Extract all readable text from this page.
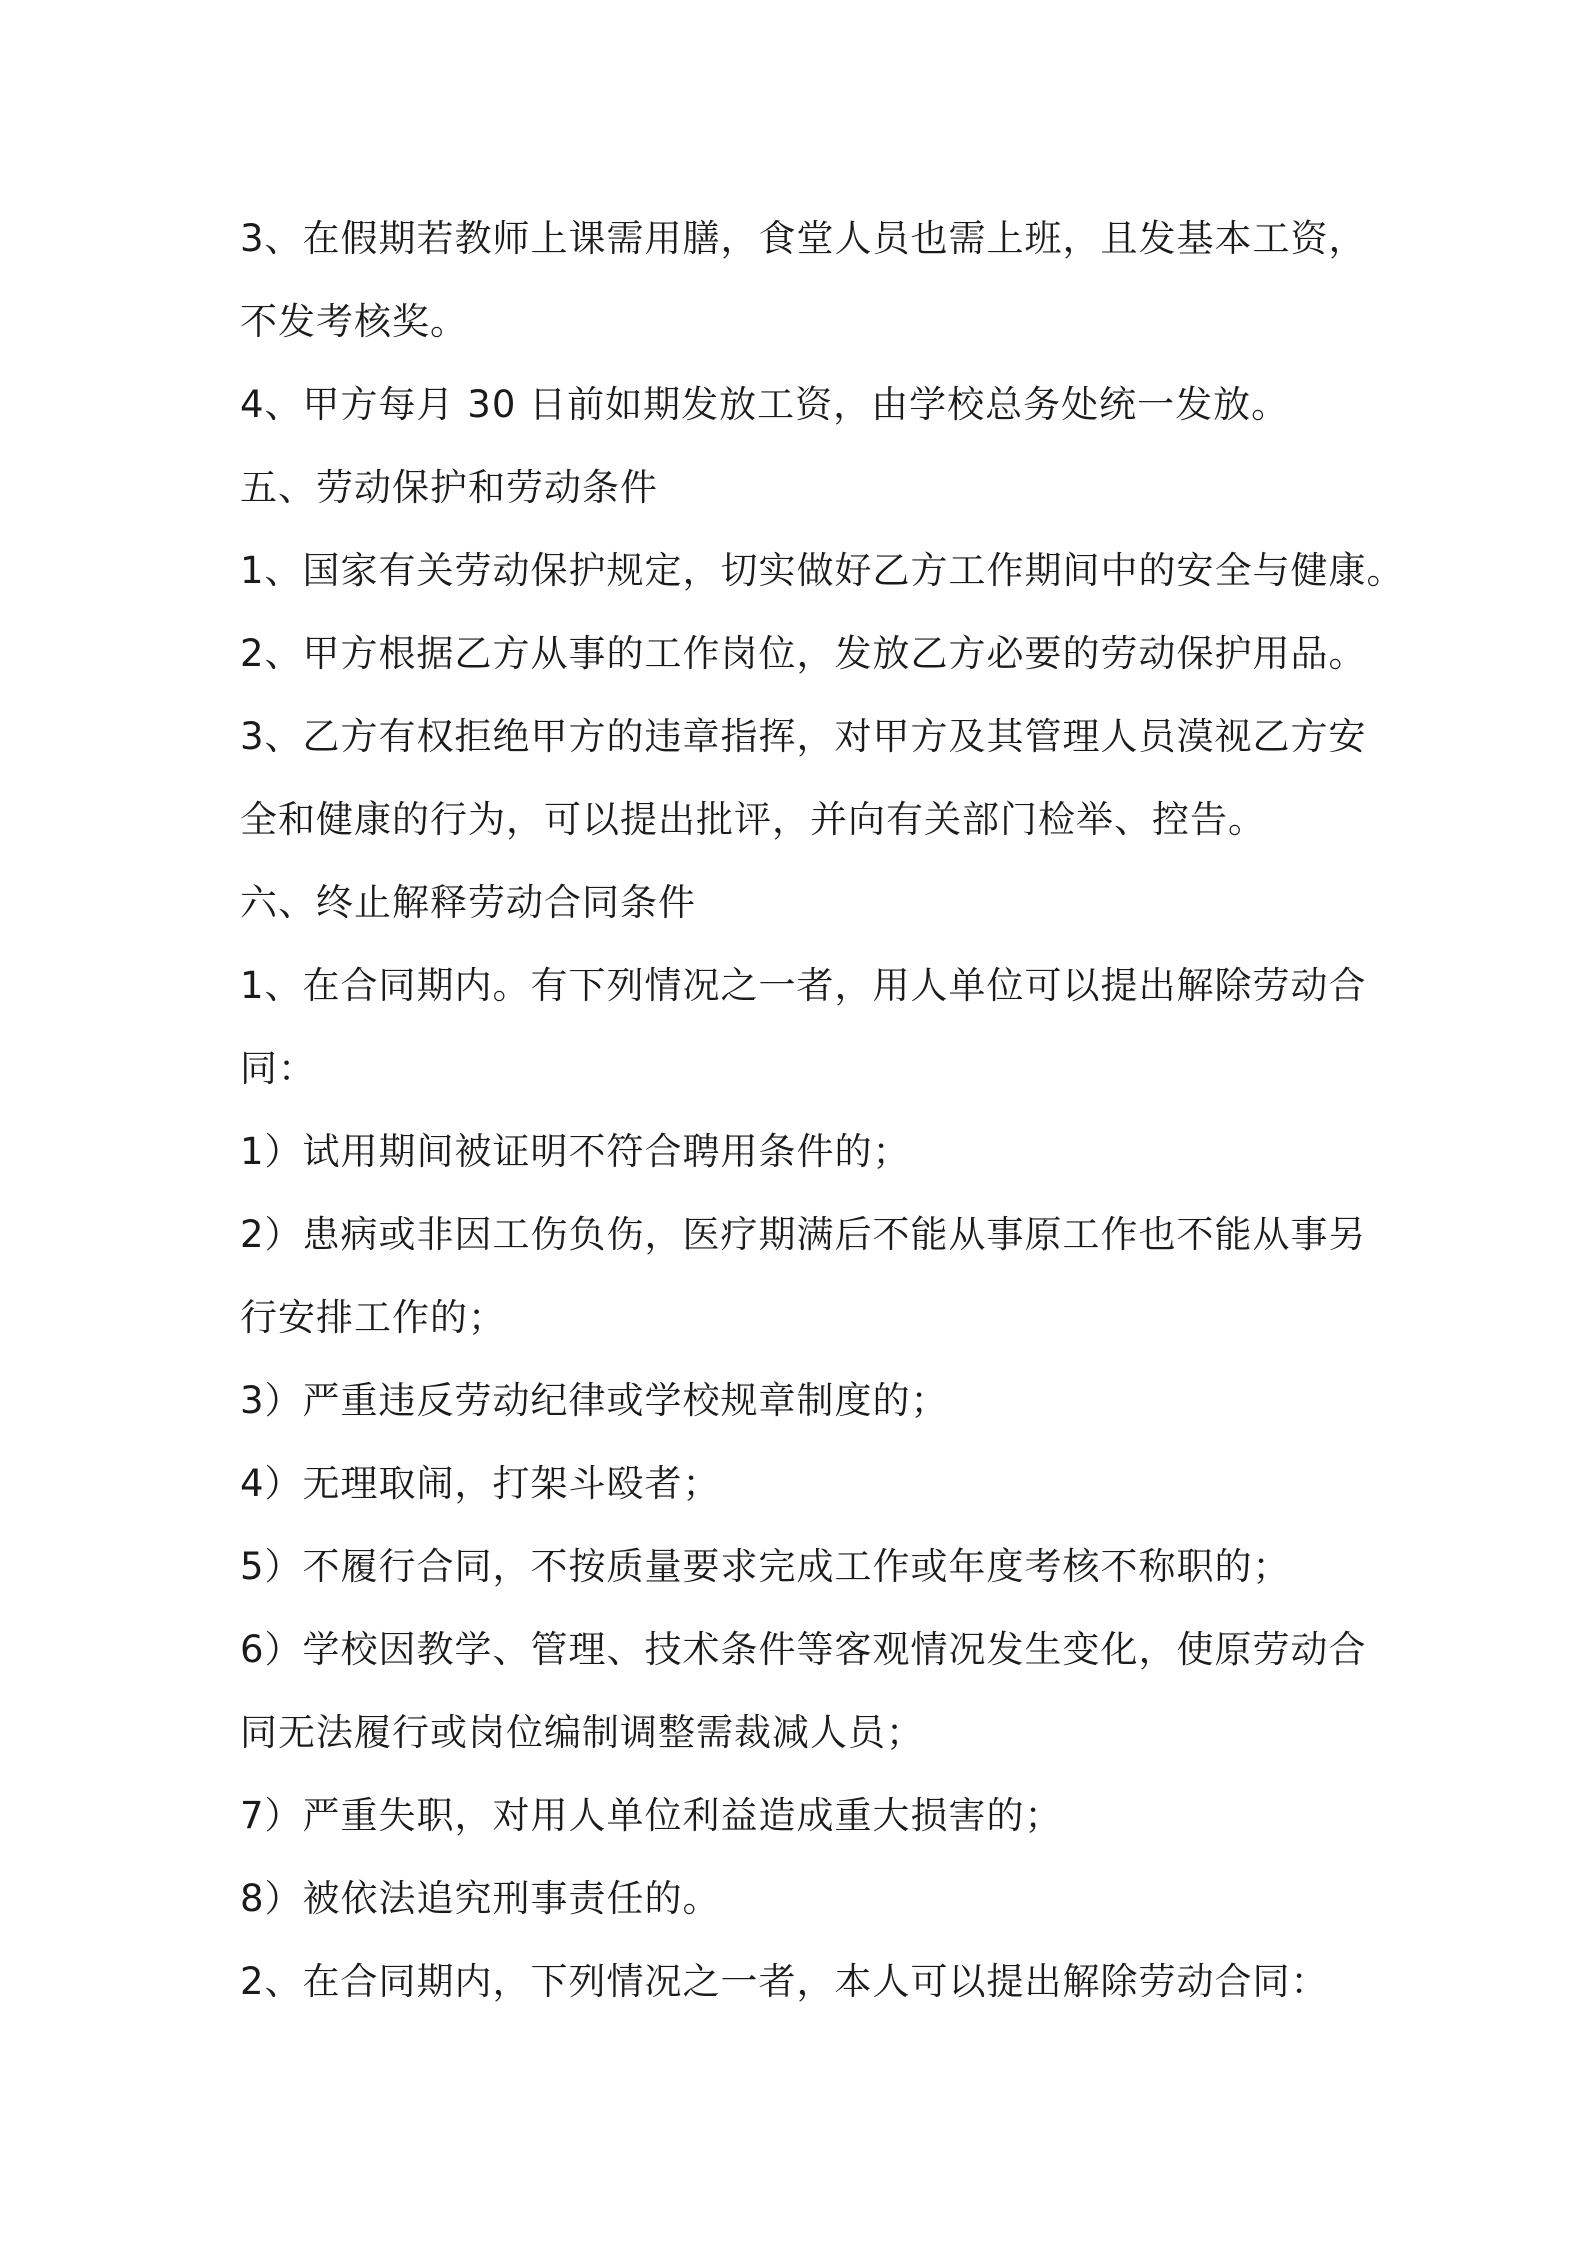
3、在假期若教师上课需用膳，食堂人员也需上班，且发基本工资，

不发考核奖。

4、甲方每月 30 日前如期发放工资，由学校总务处统一发放。

五、劳动保护和劳动条件

1、国家有关劳动保护规定，切实做好乙方工作期间中的安全与健康。

2、甲方根据乙方从事的工作岗位，发放乙方必要的劳动保护用品。

3、乙方有权拒绝甲方的违章指挥，对甲方及其管理人员漠视乙方安

全和健康的行为，可以提出批评，并向有关部门检举、控告。

六、终止解释劳动合同条件

1、在合同期内。有下列情况之一者，用人单位可以提出解除劳动合

同：

1）试用期间被证明不符合聘用条件的；

2）患病或非因工伤负伤，医疗期满后不能从事原工作也不能从事另

行安排工作的；

3）严重违反劳动纪律或学校规章制度的；

4）无理取闹，打架斗殴者；

5）不履行合同，不按质量要求完成工作或年度考核不称职的；

6）学校因教学、管理、技术条件等客观情况发生变化，使原劳动合

同无法履行或岗位编制调整需裁减人员；

7）严重失职，对用人单位利益造成重大损害的；

8）被依法追究刑事责任的。

2、在合同期内，下列情况之一者，本人可以提出解除劳动合同：
